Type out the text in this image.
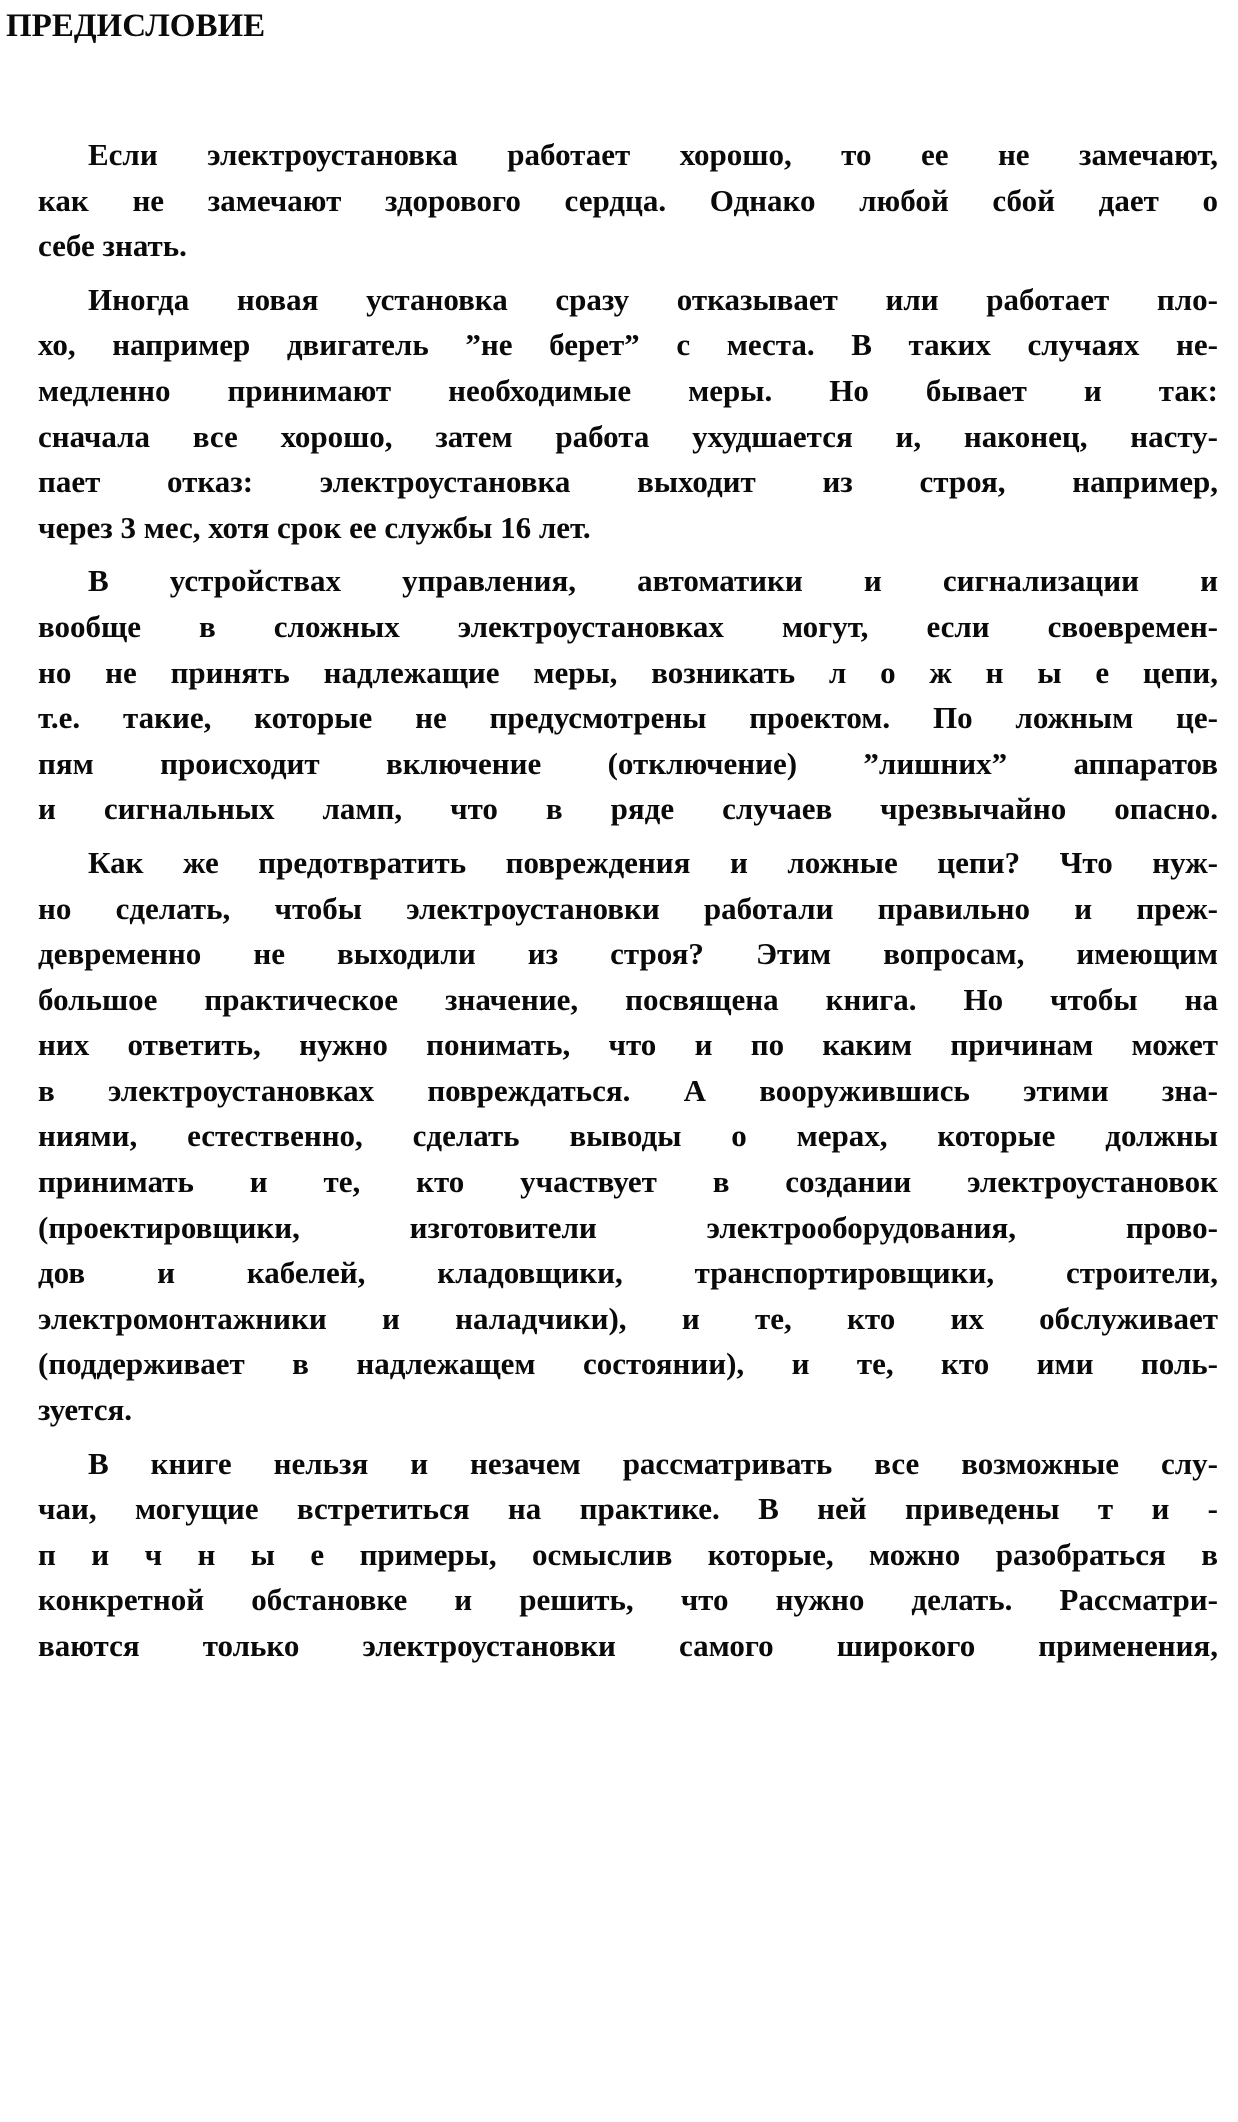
ПРЕДИСЛОВИЕ

Если электроустановка работает хорошо, то ее не замечают,
как не замечают здорового сердца. Однако любой сбой дает о
себе знать.

Иногда новая установка сразу отказывает или работает пло-
хо, например двигатель ”не берет” с места. В таких случаях не-
медленно принимают необходимые меры. Но бывает и так:
сначала все хорошо, затем работа ухудшается и, наконец, насту-
пает отказ: электроустановка выходит из строя, например,
через 3 мес, хотя срок ее службы 16 лет.

В устройствах управления, автоматики и сигнализации и
вообще в сложных электроустановках могут, если своевремен-
но не принять надлежащие меры, возникать л о ж н ы е цепи,
т.е. такие, которые не предусмотрены проектом. По ложным це-
пям происходит включение (отключение) ”лишних” аппаратов
и сигнальных ламп, что в ряде случаев чрезвычайно опасно.

Как же предотвратить повреждения и ложные цепи? Что нуж-
но сделать, чтобы электроустановки работали правильно и преж-
девременно не выходили из строя? Этим вопросам, имеющим
большое практическое значение, посвящена книга. Но чтобы на
них ответить, нужно понимать, что и по каким причинам может
в электроустановках повреждаться. А вооружившись этими зна-
ниями, естественно, сделать выводы о мерах, которые должны
принимать и те, кто участвует в создании электроустановок
(проектировщики, изготовители электрооборудования, прово-
дов и кабелей, кладовщики, транспортировщики, строители,
электромонтажники и наладчики), и те, кто их обслуживает
(поддерживает в надлежащем состоянии), и те, кто ими поль-
зуется.

В книге нельзя и незачем рассматривать все возможные слу-
чаи, могущие встретиться на практике. В ней приведены т и -
п и ч н ы е примеры, осмыслив которые, можно разобраться в
конкретной обстановке и решить, что нужно делать. Рассматри-
ваются только электроустановки самого широкого применения,
